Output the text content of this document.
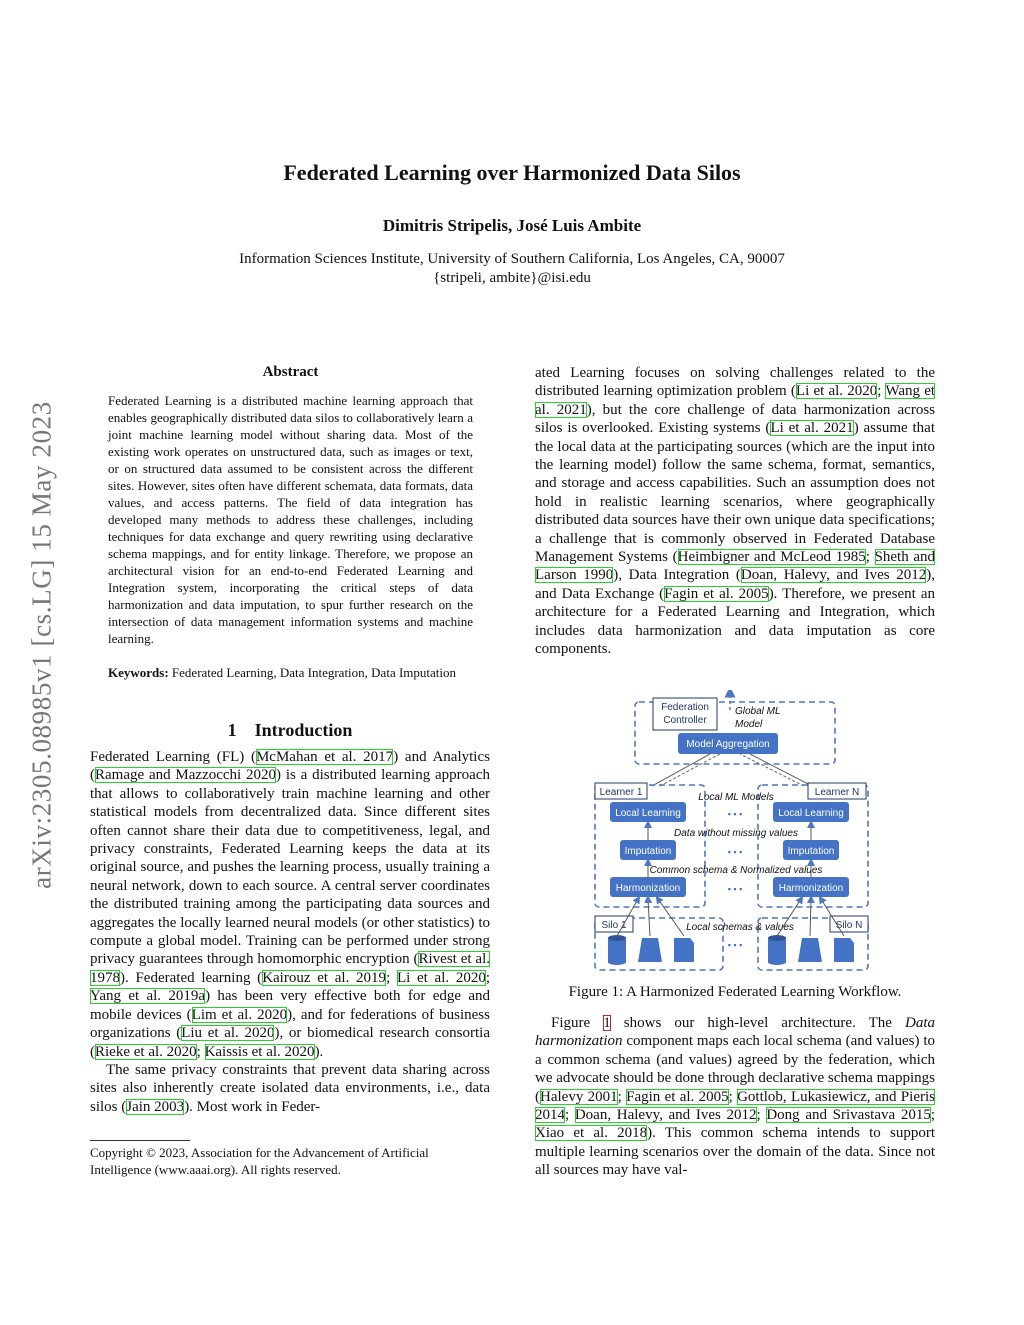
Federated Learning over Harmonized Data Silos
Dimitris Stripelis, José Luis Ambite
Information Sciences Institute, University of Southern California, Los Angeles, CA, 90007
{stripeli, ambite}@isi.edu
arXiv:2305.08985v1 [cs.LG] 15 May 2023
Abstract
Federated Learning is a distributed machine learning approach that enables geographically distributed data silos to collaboratively learn a joint machine learning model without sharing data. Most of the existing work operates on unstructured data, such as images or text, or on structured data assumed to be consistent across the different sites. However, sites often have different schemata, data formats, data values, and access patterns. The field of data integration has developed many methods to address these challenges, including techniques for data exchange and query rewriting using declarative schema mappings, and for entity linkage. Therefore, we propose an architectural vision for an end-to-end Federated Learning and Integration system, incorporating the critical steps of data harmonization and data imputation, to spur further research on the intersection of data management information systems and machine learning.
Keywords: Federated Learning, Data Integration, Data Imputation
1 Introduction

Federated Learning (FL) (McMahan et al. 2017) and Analytics (Ramage and Mazzocchi 2020) is a distributed learning approach that allows to collaboratively train machine learning and other statistical models from decentralized data. Since different sites often cannot share their data due to competitiveness, legal, and privacy constraints, Federated Learning keeps the data at its original source, and pushes the learning process, usually training a neural network, down to each source. A central server coordinates the distributed training among the participating data sources and aggregates the locally learned neural models (or other statistics) to compute a global model. Training can be performed under strong privacy guarantees through homomorphic encryption (Rivest et al. 1978). Federated learning (Kairouz et al. 2019; Li et al. 2020; Yang et al. 2019a) has been very effective both for edge and mobile devices (Lim et al. 2020), and for federations of business organizations (Liu et al. 2020), or biomedical research consortia (Rieke et al. 2020; Kaissis et al. 2020).

The same privacy constraints that prevent data sharing across sites also inherently create isolated data environments, i.e., data silos (Jain 2003). Most work in Feder-

Copyright © 2023, Association for the Advancement of Artificial Intelligence (www.aaai.org). All rights reserved.

ated Learning focuses on solving challenges related to the distributed learning optimization problem (Li et al. 2020; Wang et al. 2021), but the core challenge of data harmonization across silos is overlooked. Existing systems (Li et al. 2021) assume that the local data at the participating sources (which are the input into the learning model) follow the same schema, format, semantics, and storage and access capabilities. Such an assumption does not hold in realistic learning scenarios, where geographically distributed data sources have their own unique data specifications; a challenge that is commonly observed in Federated Database Management Systems (Heimbigner and McLeod 1985; Sheth and Larson 1990), Data Integration (Doan, Halevy, and Ives 2012), and Data Exchange (Fagin et al. 2005). Therefore, we present an architecture for a Federated Learning and Integration, which includes data harmonization and data imputation as core components.

Federation
Controller
Global ML
Model
Model Aggregation
Learner 1	Learner N
Local ML Models
Local Learning	Local Learning
▪ ▪ ▪
Data without missing values
Imputation	Imputation
▪ ▪ ▪
Common schema & Normalized values
Harmonization	Harmonization
▪ ▪ ▪
Silo 1	Silo N
Local schemas & values
▪ ▪ ▪
Figure 1: A Harmonized Federated Learning Workflow.

Figure 1 shows our high-level architecture. The Data harmonization component maps each local schema (and values) to a common schema (and values) agreed by the federation, which we advocate should be done through declarative schema mappings (Halevy 2001; Fagin et al. 2005; Gottlob, Lukasiewicz, and Pieris 2014; Doan, Halevy, and Ives 2012; Dong and Srivastava 2015; Xiao et al. 2018). This common schema intends to support multiple learning scenarios over the domain of the data. Since not all sources may have val-
